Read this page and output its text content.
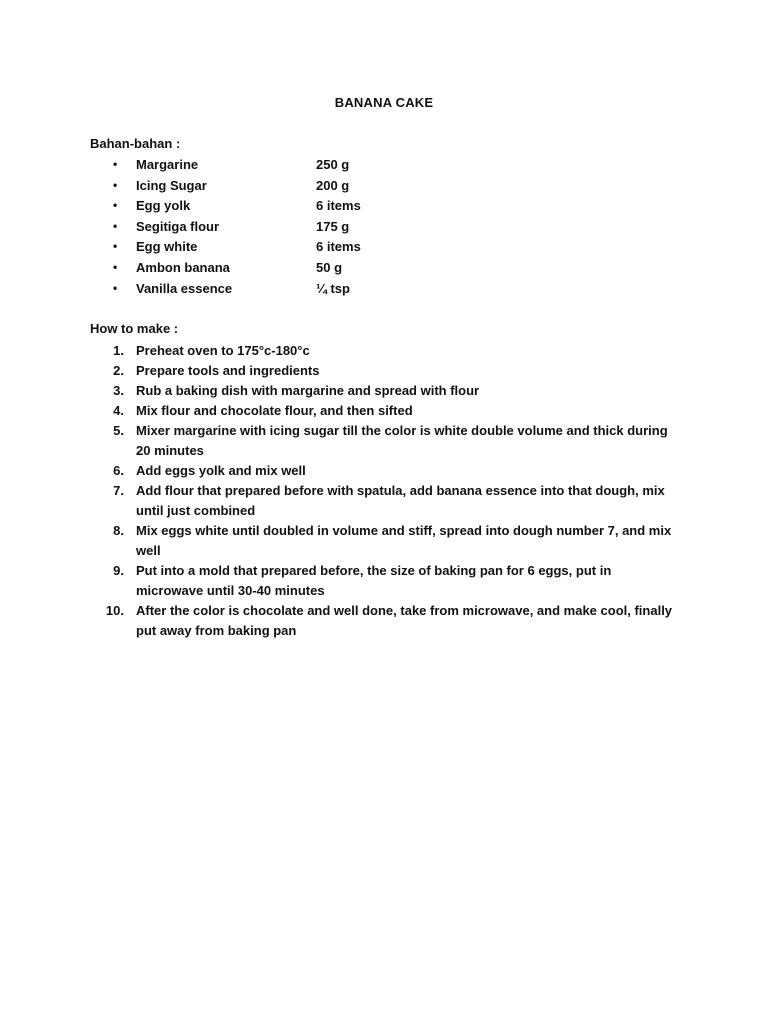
BANANA CAKE
Bahan-bahan :
• Margarine	250 g
• Icing Sugar	200 g
• Egg yolk	6 items
• Segitiga flour	175 g
• Egg white	6 items
• Ambon banana	50 g
• Vanilla essence	¼ tsp
How to make :
1. Preheat oven to 175°c-180°c
2. Prepare tools and ingredients
3. Rub a baking dish with margarine and spread with flour
4. Mix flour and chocolate flour, and then sifted
5. Mixer margarine with icing sugar till the color is white double volume and thick during 20 minutes
6. Add eggs yolk and mix well
7. Add flour that prepared before with spatula, add banana essence into that dough, mix until just combined
8. Mix eggs white until doubled in volume and stiff, spread into dough number 7, and mix well
9. Put into a mold that prepared before, the size of baking pan for 6 eggs, put in microwave until 30-40 minutes
10. After the color is chocolate and well done, take from microwave, and make cool, finally put away from baking pan
